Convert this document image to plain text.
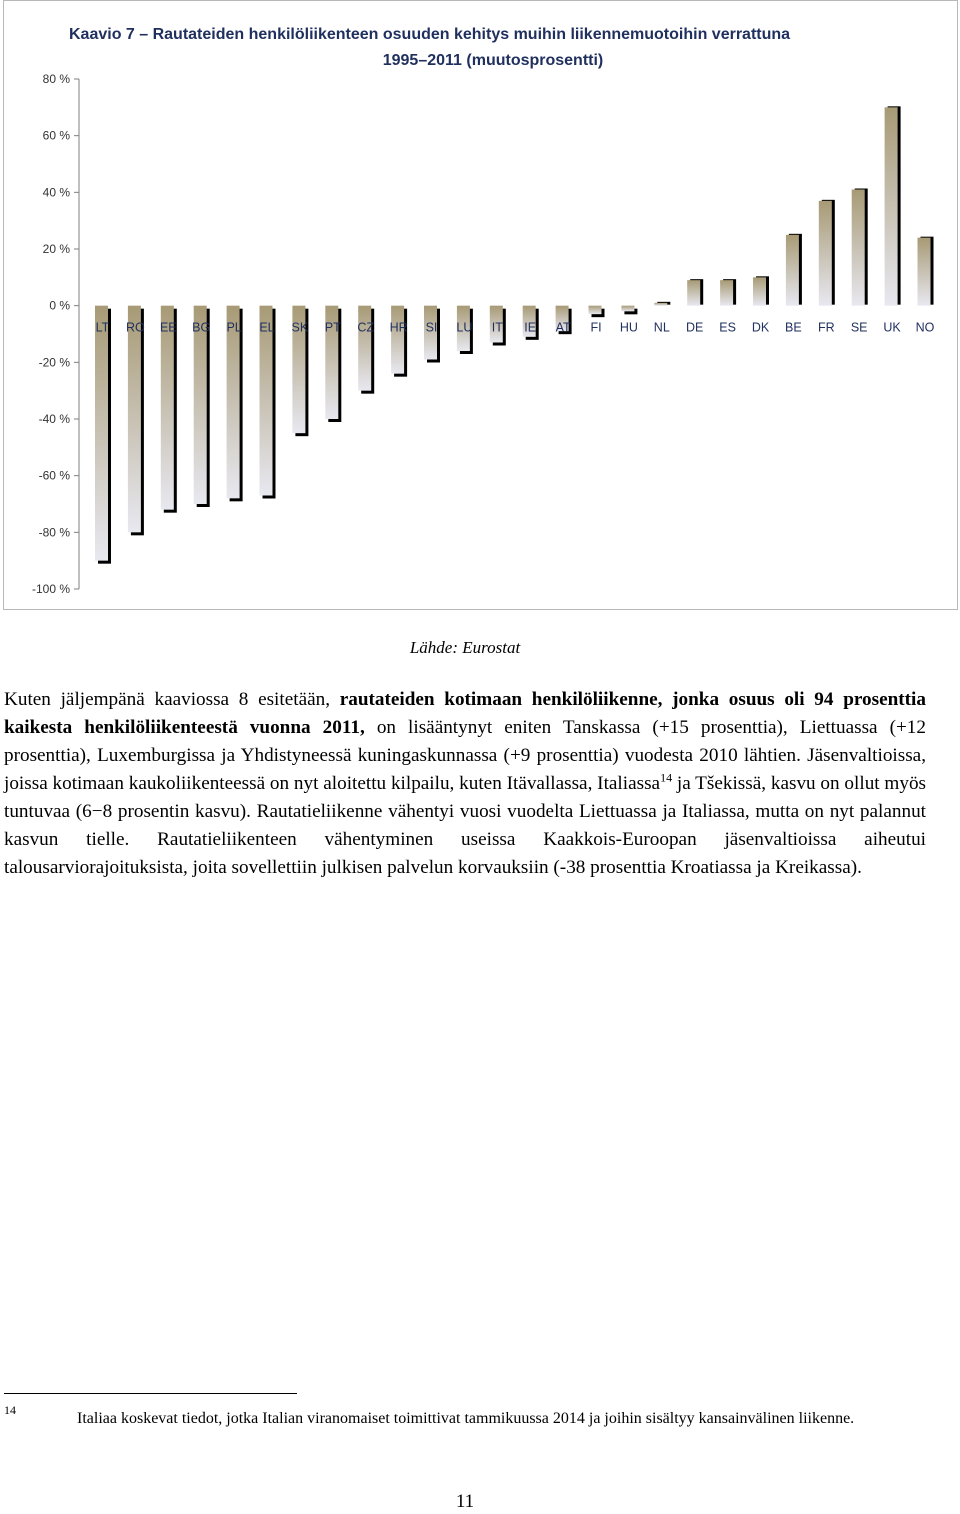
Kaavio 7 – Rautateiden henkilöliikenteen osuuden kehitys muihin liikennemuotoihin verrattuna
1995–2011 (muutosprosentti)
80 %
60 %
40 %
20 %
0 %
-20 %
-40 %
-60 %
-80 %
-100 %
LT RO EE BG PL EL SK PT CZ HR SI LU IT IE AT FI HU NL DE ES DK BE FR SE UK NO
Lähde: Eurostat
Kuten jäljempänä kaaviossa 8 esitetään, rautateiden kotimaan henkilöliikenne, jonka osuus oli 94 prosenttia kaikesta henkilöliikenteestä vuonna 2011, on lisääntynyt eniten Tanskassa (+15 prosenttia), Liettuassa (+12 prosenttia), Luxemburgissa ja Yhdistyneessä kuningaskunnassa (+9 prosenttia) vuodesta 2010 lähtien. Jäsenvaltioissa, joissa kotimaan kaukoliikenteessä on nyt aloitettu kilpailu, kuten Itävallassa, Italiassa$^{14}$ ja Tšekissä, kasvu on ollut myös tuntuvaa (6−8 prosentin kasvu). Rautatieliikenne vähentyi vuosi vuodelta Liettuassa ja Italiassa, mutta on nyt palannut kasvun tielle. Rautatieliikenteen vähentyminen useissa Kaakkois-Euroopan jäsenvaltioissa aiheutui talousarviorajoituksista, joita sovellettiin julkisen palvelun korvauksiin (-38 prosenttia Kroatiassa ja Kreikassa).
14	Italiaa koskevat tiedot, jotka Italian viranomaiset toimittivat tammikuussa 2014 ja joihin sisältyy kansainvälinen liikenne.
11
